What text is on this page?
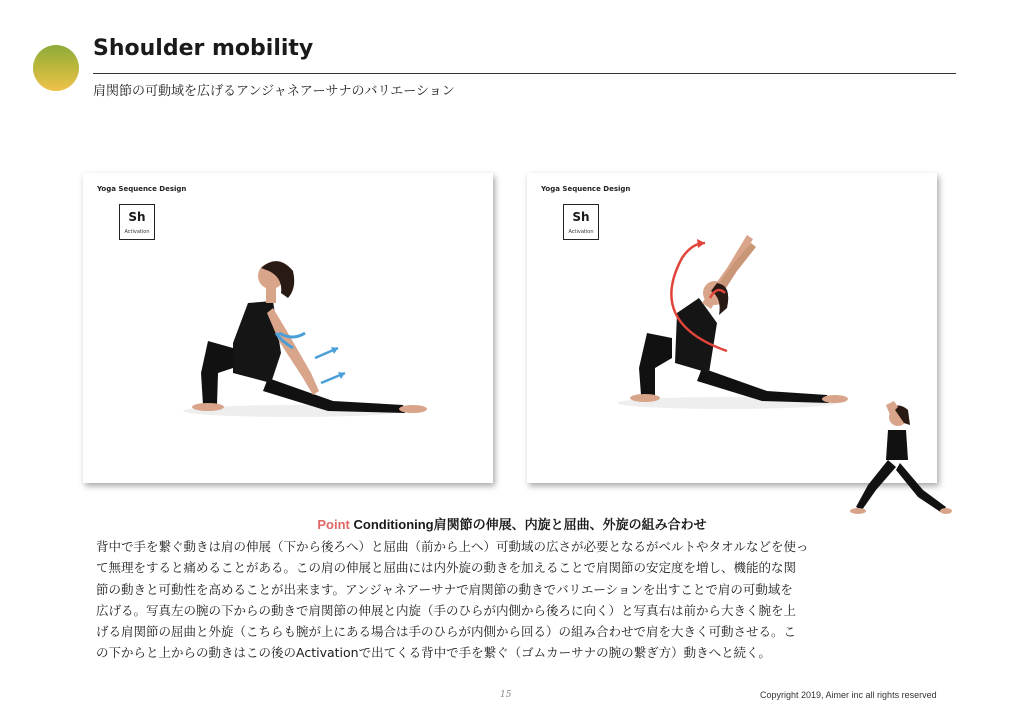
Shoulder mobility
肩関節の可動域を広げるアンジャネアーサナのバリエーション
Yoga Sequence Design
Sh
Activation
Yoga Sequence Design
Sh
Activation
Point Conditioning肩関節の伸展、内旋と屈曲、外旋の組み合わせ
背中で手を繋ぐ動きは肩の伸展（下から後ろへ）と屈曲（前から上へ）可動域の広さが必要となるがベルトやタオルなどを使っ
て無理をすると痛めることがある。この肩の伸展と屈曲には内外旋の動きを加えることで肩関節の安定度を増し、機能的な関
節の動きと可動性を高めることが出来ます。アンジャネアーサナで肩関節の動きでバリエーションを出すことで肩の可動域を
広げる。写真左の腕の下からの動きで肩関節の伸展と内旋（手のひらが内側から後ろに向く）と写真右は前から大きく腕を上
げる肩関節の屈曲と外旋（こちらも腕が上にある場合は手のひらが内側から回る）の組み合わせで肩を大きく可動させる。こ
の下からと上からの動きはこの後のActivationで出てくる背中で手を繋ぐ（ゴムカーサナの腕の繋ぎ方）動きへと続く。
15	Copyright 2019, Aimer inc all rights reserved
